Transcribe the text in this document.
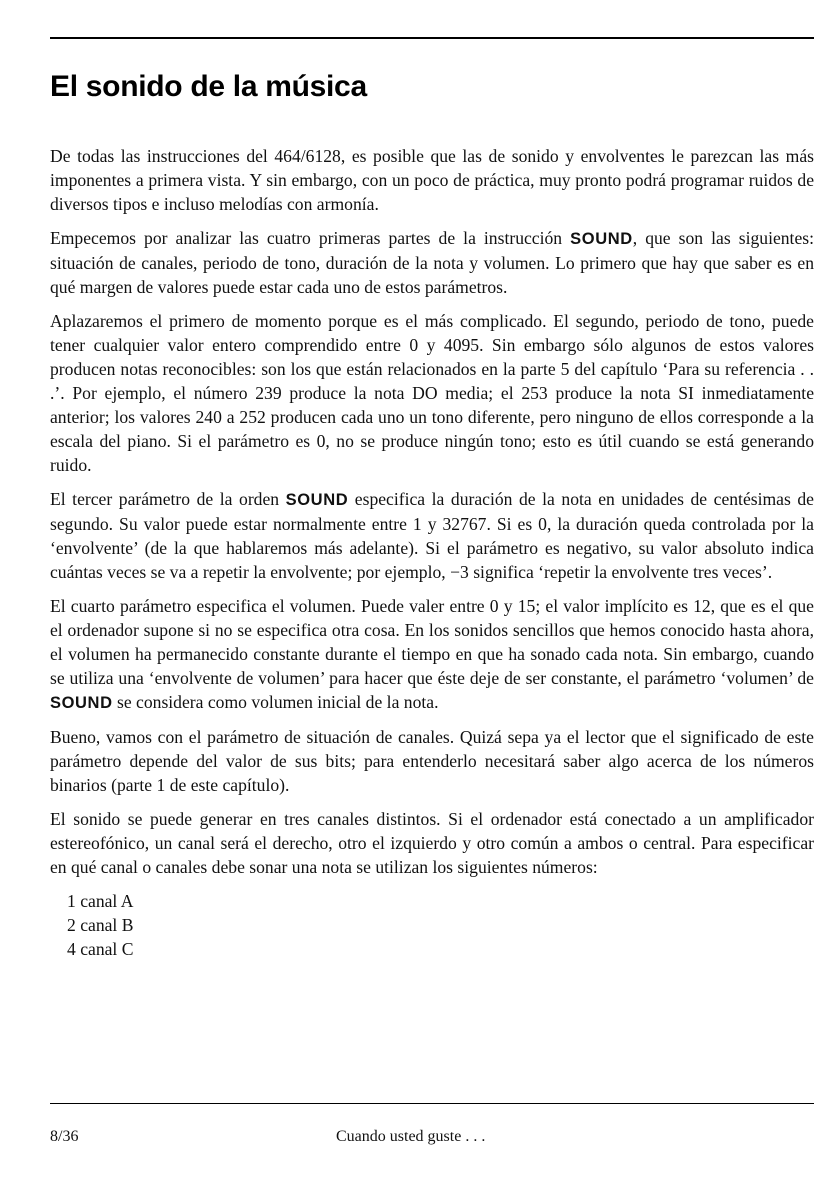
El sonido de la música

De todas las instrucciones del 464/6128, es posible que las de sonido y envolventes le parezcan las más imponentes a primera vista. Y sin embargo, con un poco de práctica, muy pronto podrá programar ruidos de diversos tipos e incluso melodías con armonía.

Empecemos por analizar las cuatro primeras partes de la instrucción SOUND, que son las siguientes: situación de canales, periodo de tono, duración de la nota y volumen. Lo primero que hay que saber es en qué margen de valores puede estar cada uno de estos parámetros.

Aplazaremos el primero de momento porque es el más complicado. El segundo, periodo de tono, puede tener cualquier valor entero comprendido entre 0 y 4095. Sin embargo sólo algunos de estos valores producen notas reconocibles: son los que están relacionados en la parte 5 del capítulo ‘Para su referencia . . .’. Por ejemplo, el número 239 produce la nota DO media; el 253 produce la nota SI inmediatamente anterior; los valores 240 a 252 producen cada uno un tono diferente, pero ninguno de ellos corresponde a la escala del piano. Si el parámetro es 0, no se produce ningún tono; esto es útil cuando se está generando ruido.

El tercer parámetro de la orden SOUND especifica la duración de la nota en unidades de centésimas de segundo. Su valor puede estar normalmente entre 1 y 32767. Si es 0, la duración queda controlada por la ‘envolvente’ (de la que hablaremos más adelante). Si el parámetro es negativo, su valor absoluto indica cuántas veces se va a repetir la envolvente; por ejemplo, −3 significa ‘repetir la envolvente tres veces’.

El cuarto parámetro especifica el volumen. Puede valer entre 0 y 15; el valor implícito es 12, que es el que el ordenador supone si no se especifica otra cosa. En los sonidos sencillos que hemos conocido hasta ahora, el volumen ha permanecido constante durante el tiempo en que ha sonado cada nota. Sin embargo, cuando se utiliza una ‘envolvente de volumen’ para hacer que éste deje de ser constante, el parámetro ‘volumen’ de SOUND se considera como volumen inicial de la nota.

Bueno, vamos con el parámetro de situación de canales. Quizá sepa ya el lector que el significado de este parámetro depende del valor de sus bits; para entenderlo necesitará saber algo acerca de los números binarios (parte 1 de este capítulo).

El sonido se puede generar en tres canales distintos. Si el ordenador está conectado a un amplificador estereofónico, un canal será el derecho, otro el izquierdo y otro común a ambos o central. Para especificar en qué canal o canales debe sonar una nota se utilizan los siguientes números:

1 canal A
2 canal B
4 canal C
8/36	Cuando usted guste . . .
